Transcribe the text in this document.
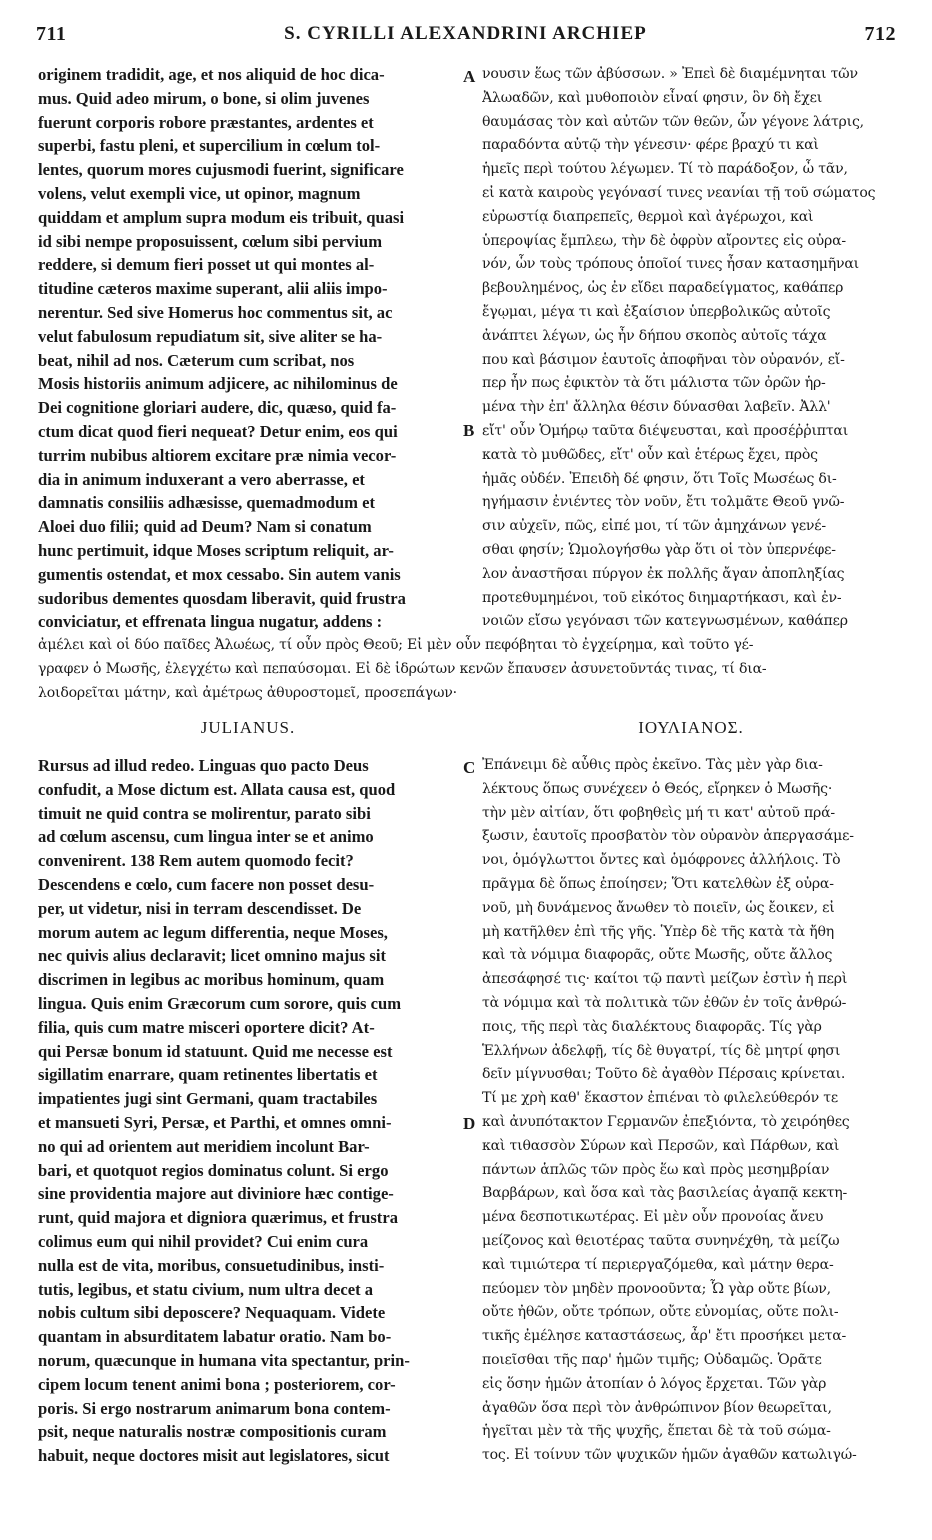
711	S. CYRILLI ALEXANDRINI ARCHIEP	712
A
B
C
D
originem tradidit, age, et nos aliquid de hoc dica-
mus. Quid adeo mirum, o bone, si olim juvenes
fuerunt corporis robore præstantes, ardentes et
superbi, fastu pleni, et supercilium in cœlum tol-
lentes, quorum mores cujusmodi fuerint, significare
volens, velut exempli vice, ut opinor, magnum
quiddam et amplum supra modum eis tribuit, quasi
id sibi nempe proposuissent, cœlum sibi pervium
reddere, si demum fieri posset ut qui montes al-
titudine cæteros maxime superant, alii aliis impo-
nerentur. Sed sive Homerus hoc commentus sit, ac
velut fabulosum repudiatum sit, sive aliter se ha-
beat, nihil ad nos. Cæterum cum scribat, nos
Mosis historiis animum adjicere, ac nihilominus de
Dei cognitione gloriari audere, dic, quæso, quid fa-
ctum dicat quod fieri nequeat? Detur enim, eos qui
turrim nubibus altiorem excitare præ nimia vecor-
dia in animum induxerant a vero aberrasse, et
damnatis consiliis adhæsisse, quemadmodum et
Aloei duo filii; quid ad Deum? Nam si conatum
hunc pertimuit, idque Moses scriptum reliquit, ar-
gumentis ostendat, et mox cessabo. Sin autem vanis
sudoribus dementes quosdam liberavit, quid frustra
conviciatur, et effrenata lingua nugatur, addens :
νουσιν ἕως τῶν ἀβύσσων. » Ἐπεὶ δὲ διαμέμνηται τῶν
Ἀλωαδῶν, καὶ μυθοποιὸν εἶναί φησιν, ὃν δὴ ἔχει
θαυμάσας τὸν καὶ αὐτῶν τῶν θεῶν, ὧν γέγονε λάτρις,
παραδόντα αὐτῷ τὴν γένεσιν· φέρε βραχύ τι καὶ
ἡμεῖς περὶ τούτου λέγωμεν. Τί τὸ παράδοξον, ὦ τᾶν,
εἰ κατὰ καιροὺς γεγόνασί τινες νεανίαι τῇ τοῦ σώματος
εὐρωστίᾳ διαπρεπεῖς, θερμοὶ καὶ ἀγέρωχοι, καὶ
ὑπεροψίας ἔμπλεω, τὴν δὲ ὀφρὺν αἴροντες εἰς οὐρα-
νόν, ὧν τοὺς τρόπους ὁποῖοί τινες ἦσαν κατασημῆναι
βεβουλημένος, ὡς ἐν εἴδει παραδείγματος, καθάπερ
ἔγῳμαι, μέγα τι καὶ ἐξαίσιον ὑπερβολικῶς αὐτοῖς
ἀνάπτει λέγων, ὡς ἦν δήπου σκοπὸς αὐτοῖς τάχα
που καὶ βάσιμον ἑαυτοῖς ἀποφῆναι τὸν οὐρανόν, εἴ-
περ ἦν πως ἐφικτὸν τὰ ὅτι μάλιστα τῶν ὀρῶν ἡρ-
μένα τὴν ἐπ' ἄλληλα θέσιν δύνασθαι λαβεῖν. Ἀλλ'
εἴτ' οὖν Ὁμήρῳ ταῦτα διέψευσται, καὶ προσέῤῥιπται
κατὰ τὸ μυθῶδες, εἴτ' οὖν καὶ ἑτέρως ἔχει, πρὸς
ἡμᾶς οὐδέν. Ἐπειδὴ δέ φησιν, ὅτι Τοῖς Μωσέως δι-
ηγήμασιν ἐνιέντες τὸν νοῦν, ἔτι τολμᾶτε Θεοῦ γνῶ-
σιν αὐχεῖν, πῶς, εἰπέ μοι, τί τῶν ἀμηχάνων γενέ-
σθαι φησίν; Ὡμολογήσθω γὰρ ὅτι οἱ τὸν ὑπερνέφε-
λον ἀναστῆσαι πύργον ἐκ πολλῆς ἄγαν ἀποπληξίας
προτεθυμημένοι, τοῦ εἰκότος διημαρτήκασι, καὶ ἐν-
νοιῶν εἴσω γεγόνασι τῶν κατεγνωσμένων, καθάπερ
ἀμέλει καὶ οἱ δύο παῖδες Ἀλωέως, τί οὖν πρὸς Θεοῦ; Εἰ μὲν οὖν πεφόβηται τὸ ἐγχείρημα, καὶ τοῦτο γέ-
γραφεν ὁ Μωσῆς, ἐλεγχέτω καὶ πεπαύσομαι. Εἰ δὲ ἱδρώτων κενῶν ἔπαυσεν ἀσυνετοῦντάς τινας, τί δια-
λοιδορεῖται μάτην, καὶ ἀμέτρως ἀθυροστομεῖ, προσεπάγων·
JULIANUS.	ΙΟΥΛΙΑΝΟΣ.
Rursus ad illud redeo. Linguas quo pacto Deus
confudit, a Mose dictum est. Allata causa est, quod
timuit ne quid contra se molirentur, parato sibi
ad cœlum ascensu, cum lingua inter se et animo
convenirent. 138 Rem autem quomodo fecit?
Descendens e cœlo, cum facere non posset desu-
per, ut videtur, nisi in terram descendisset. De
morum autem ac legum differentia, neque Moses,
nec quivis alius declaravit; licet omnino majus sit
discrimen in legibus ac moribus hominum, quam
lingua. Quis enim Græcorum cum sorore, quis cum
filia, quis cum matre misceri oportere dicit? At-
qui Persæ bonum id statuunt. Quid me necesse est
sigillatim enarrare, quam retinentes libertatis et
impatientes jugi sint Germani, quam tractabiles
et mansueti Syri, Persæ, et Parthi, et omnes omni-
no qui ad orientem aut meridiem incolunt Bar-
bari, et quotquot regios dominatus colunt. Si ergo
sine providentia majore aut diviniore hæc contige-
runt, quid majora et digniora quærimus, et frustra
colimus eum qui nihil providet? Cui enim cura
nulla est de vita, moribus, consuetudinibus, insti-
tutis, legibus, et statu civium, num ultra decet a
nobis cultum sibi deposcere? Nequaquam. Videte
quantam in absurditatem labatur oratio. Nam bo-
norum, quæcunque in humana vita spectantur, prin-
cipem locum tenent animi bona ; posteriorem, cor-
poris. Si ergo nostrarum animarum bona contem-
psit, neque naturalis nostræ compositionis curam
habuit, neque doctores misit aut legislatores, sicut
Ἐπάνειμι δὲ αὖθις πρὸς ἐκεῖνο. Τὰς μὲν γὰρ δια-
λέκτους ὅπως συνέχεεν ὁ Θεός, εἴρηκεν ὁ Μωσῆς·
τὴν μὲν αἰτίαν, ὅτι φοβηθεὶς μή τι κατ' αὐτοῦ πρά-
ξωσιν, ἑαυτοῖς προσβατὸν τὸν οὐρανὸν ἀπεργασάμε-
νοι, ὁμόγλωττοι ὄντες καὶ ὁμόφρονες ἀλλήλοις. Τὸ
πρᾶγμα δὲ ὅπως ἐποίησεν; Ὅτι κατελθὼν ἐξ οὐρα-
νοῦ, μὴ δυνάμενος ἄνωθεν τὸ ποιεῖν, ὡς ἔοικεν, εἰ
μὴ κατῆλθεν ἐπὶ τῆς γῆς. Ὑπὲρ δὲ τῆς κατὰ τὰ ἤθη
καὶ τὰ νόμιμα διαφορᾶς, οὔτε Μωσῆς, οὔτε ἄλλος
ἀπεσάφησέ τις· καίτοι τῷ παντὶ μείζων ἐστὶν ἡ περὶ
τὰ νόμιμα καὶ τὰ πολιτικὰ τῶν ἐθῶν ἐν τοῖς ἀνθρώ-
ποις, τῆς περὶ τὰς διαλέκτους διαφορᾶς. Τίς γὰρ
Ἑλλήνων ἀδελφῇ, τίς δὲ θυγατρί, τίς δὲ μητρί φησι
δεῖν μίγνυσθαι; Τοῦτο δὲ ἀγαθὸν Πέρσαις κρίνεται.
Τί με χρὴ καθ' ἕκαστον ἐπιέναι τὸ φιλελεύθερόν τε
καὶ ἀνυπότακτον Γερμανῶν ἐπεξιόντα, τὸ χειρόηθες
καὶ τιθασσὸν Σύρων καὶ Περσῶν, καὶ Πάρθων, καὶ
πάντων ἁπλῶς τῶν πρὸς ἕω καὶ πρὸς μεσημβρίαν
Βαρβάρων, καὶ ὅσα καὶ τὰς βασιλείας ἀγαπᾷ κεκτη-
μένα δεσποτικωτέρας. Εἰ μὲν οὖν προνοίας ἄνευ
μείζονος καὶ θειοτέρας ταῦτα συνηνέχθη, τὰ μείζω
καὶ τιμιώτερα τί περιεργαζόμεθα, καὶ μάτην θερα-
πεύομεν τὸν μηδὲν προνοοῦντα; Ὧ γὰρ οὔτε βίων,
οὔτε ἠθῶν, οὔτε τρόπων, οὔτε εὐνομίας, οὔτε πολι-
τικῆς ἐμέλησε καταστάσεως, ἆρ' ἔτι προσήκει μετα-
ποιεῖσθαι τῆς παρ' ἡμῶν τιμῆς; Οὐδαμῶς. Ὁρᾶτε
εἰς ὅσην ἡμῶν ἀτοπίαν ὁ λόγος ἔρχεται. Τῶν γὰρ
ἀγαθῶν ὅσα περὶ τὸν ἀνθρώπινον βίον θεωρεῖται,
ἡγεῖται μὲν τὰ τῆς ψυχῆς, ἕπεται δὲ τὰ τοῦ σώμα-
τος. Εἰ τοίνυν τῶν ψυχικῶν ἡμῶν ἀγαθῶν κατωλιγώ-
